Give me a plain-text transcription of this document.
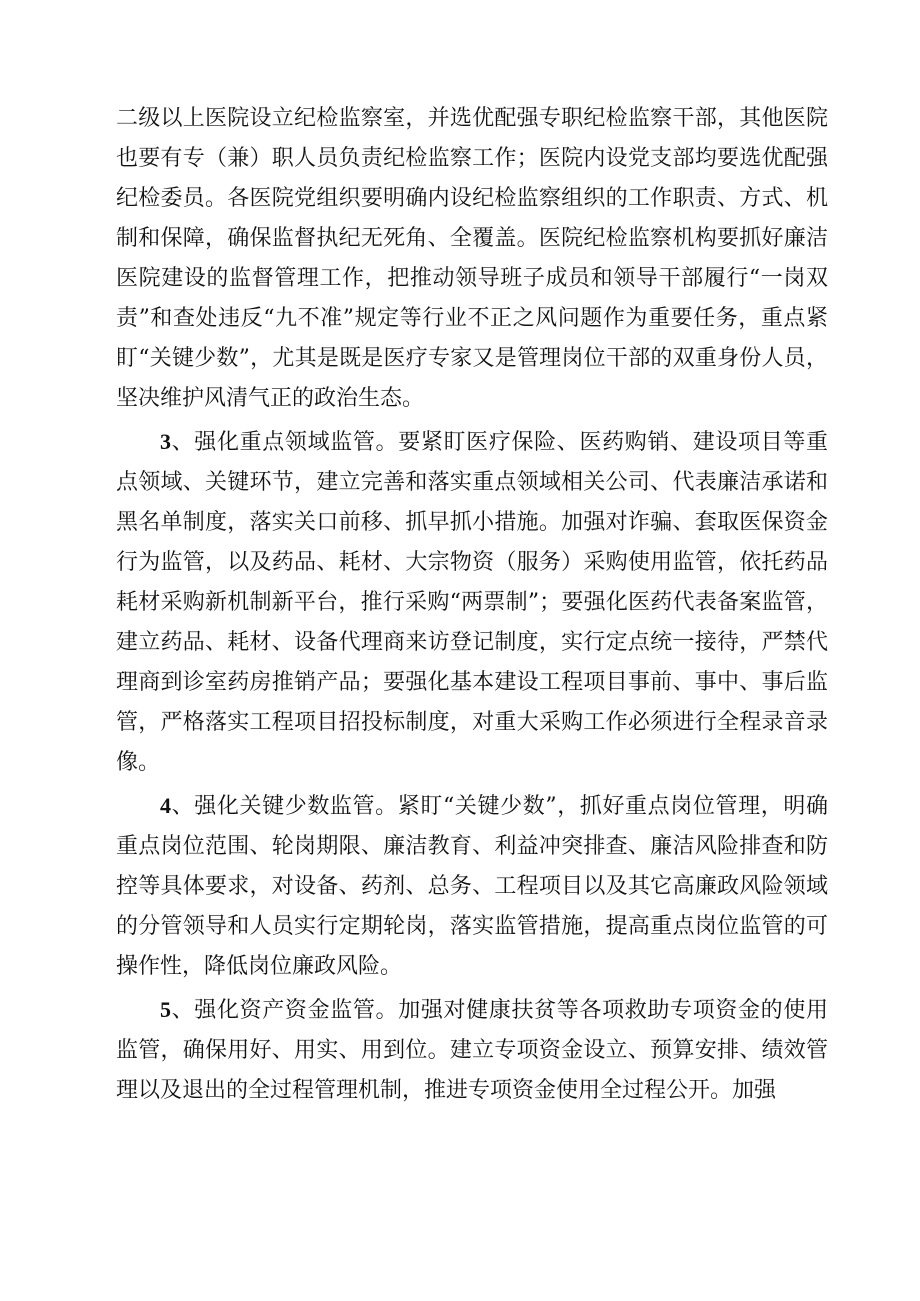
二级以上医院设立纪检监察室，并选优配强专职纪检监察干部，其他医院也要有专（兼）职人员负责纪检监察工作；医院内设党支部均要选优配强纪检委员。各医院党组织要明确内设纪检监察组织的工作职责、方式、机制和保障，确保监督执纪无死角、全覆盖。医院纪检监察机构要抓好廉洁医院建设的监督管理工作，把推动领导班子成员和领导干部履行“一岗双责”和查处违反“九不准”规定等行业不正之风问题作为重要任务，重点紧盯“关键少数”，尤其是既是医疗专家又是管理岗位干部的双重身份人员，坚决维护风清气正的政治生态。

3、强化重点领域监管。要紧盯医疗保险、医药购销、建设项目等重点领域、关键环节，建立完善和落实重点领域相关公司、代表廉洁承诺和黑名单制度，落实关口前移、抓早抓小措施。加强对诈骗、套取医保资金行为监管，以及药品、耗材、大宗物资（服务）采购使用监管，依托药品耗材采购新机制新平台，推行采购“两票制”；要强化医药代表备案监管，建立药品、耗材、设备代理商来访登记制度，实行定点统一接待，严禁代理商到诊室药房推销产品；要强化基本建设工程项目事前、事中、事后监管，严格落实工程项目招投标制度，对重大采购工作必须进行全程录音录像。

4、强化关键少数监管。紧盯“关键少数”，抓好重点岗位管理，明确重点岗位范围、轮岗期限、廉洁教育、利益冲突排查、廉洁风险排查和防控等具体要求，对设备、药剂、总务、工程项目以及其它高廉政风险领域的分管领导和人员实行定期轮岗，落实监管措施，提高重点岗位监管的可操作性，降低岗位廉政风险。

5、强化资产资金监管。加强对健康扶贫等各项救助专项资金的使用监管，确保用好、用实、用到位。建立专项资金设立、预算安排、绩效管理以及退出的全过程管理机制，推进专项资金使用全过程公开。加强
